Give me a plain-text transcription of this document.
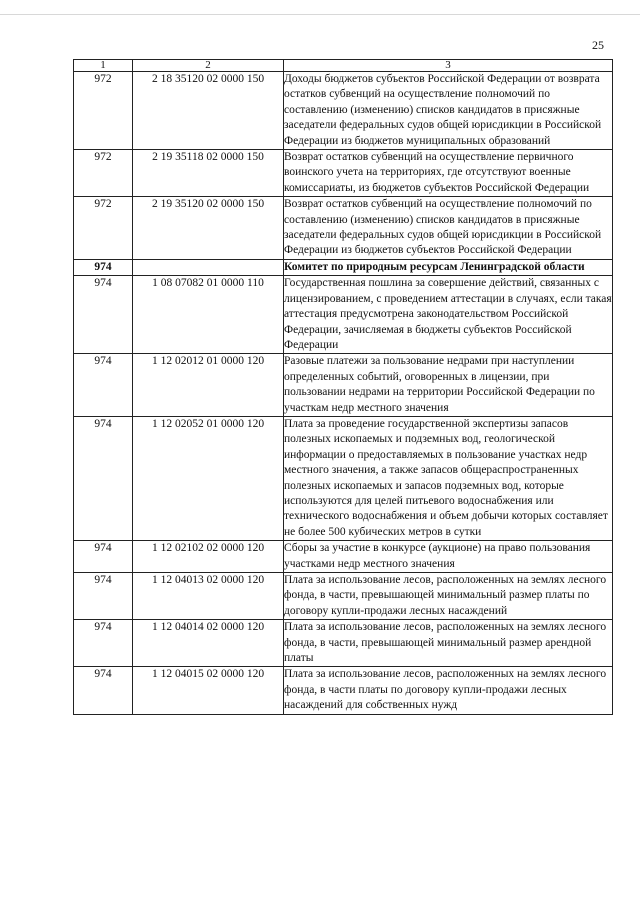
25
1	2	3
972	2 18 35120 02 0000 150	Доходы бюджетов субъектов Российской Федерации от возврата остатков субвенций на осуществление полномочий по составлению (изменению) списков кандидатов в присяжные заседатели федеральных судов общей юрисдикции в Российской Федерации из бюджетов муниципальных образований
972	2 19 35118 02 0000 150	Возврат остатков субвенций на осуществление первичного воинского учета на территориях, где отсутствуют военные комиссариаты, из бюджетов субъектов Российской Федерации
972	2 19 35120 02 0000 150	Возврат остатков субвенций на осуществление полномочий по составлению (изменению) списков кандидатов в присяжные заседатели федеральных судов общей юрисдикции в Российской Федерации из бюджетов субъектов Российской Федерации
974		Комитет по природным ресурсам Ленинградской области
974	1 08 07082 01 0000 110	Государственная пошлина за совершение действий, связанных с лицензированием, с проведением аттестации в случаях, если такая аттестация предусмотрена законодательством Российской Федерации, зачисляемая в бюджеты субъектов Российской Федерации
974	1 12 02012 01 0000 120	Разовые платежи за пользование недрами при наступлении определенных событий, оговоренных в лицензии, при пользовании недрами на территории Российской Федерации по участкам недр местного значения
974	1 12 02052 01 0000 120	Плата за проведение государственной экспертизы запасов полезных ископаемых и подземных вод, геологической информации о предоставляемых в пользование участках недр местного значения, а также запасов общераспространенных полезных ископаемых и запасов подземных вод, которые используются для целей питьевого водоснабжения или технического водоснабжения и объем добычи которых составляет не более 500 кубических метров в сутки
974	1 12 02102 02 0000 120	Сборы за участие в конкурсе (аукционе) на право пользования участками недр местного значения
974	1 12 04013 02 0000 120	Плата за использование лесов, расположенных на землях лесного фонда, в части, превышающей минимальный размер платы по договору купли-продажи лесных насаждений
974	1 12 04014 02 0000 120	Плата за использование лесов, расположенных на землях лесного фонда, в части, превышающей минимальный размер арендной платы
974	1 12 04015 02 0000 120	Плата за использование лесов, расположенных на землях лесного фонда, в части платы по договору купли-продажи лесных насаждений для собственных нужд
